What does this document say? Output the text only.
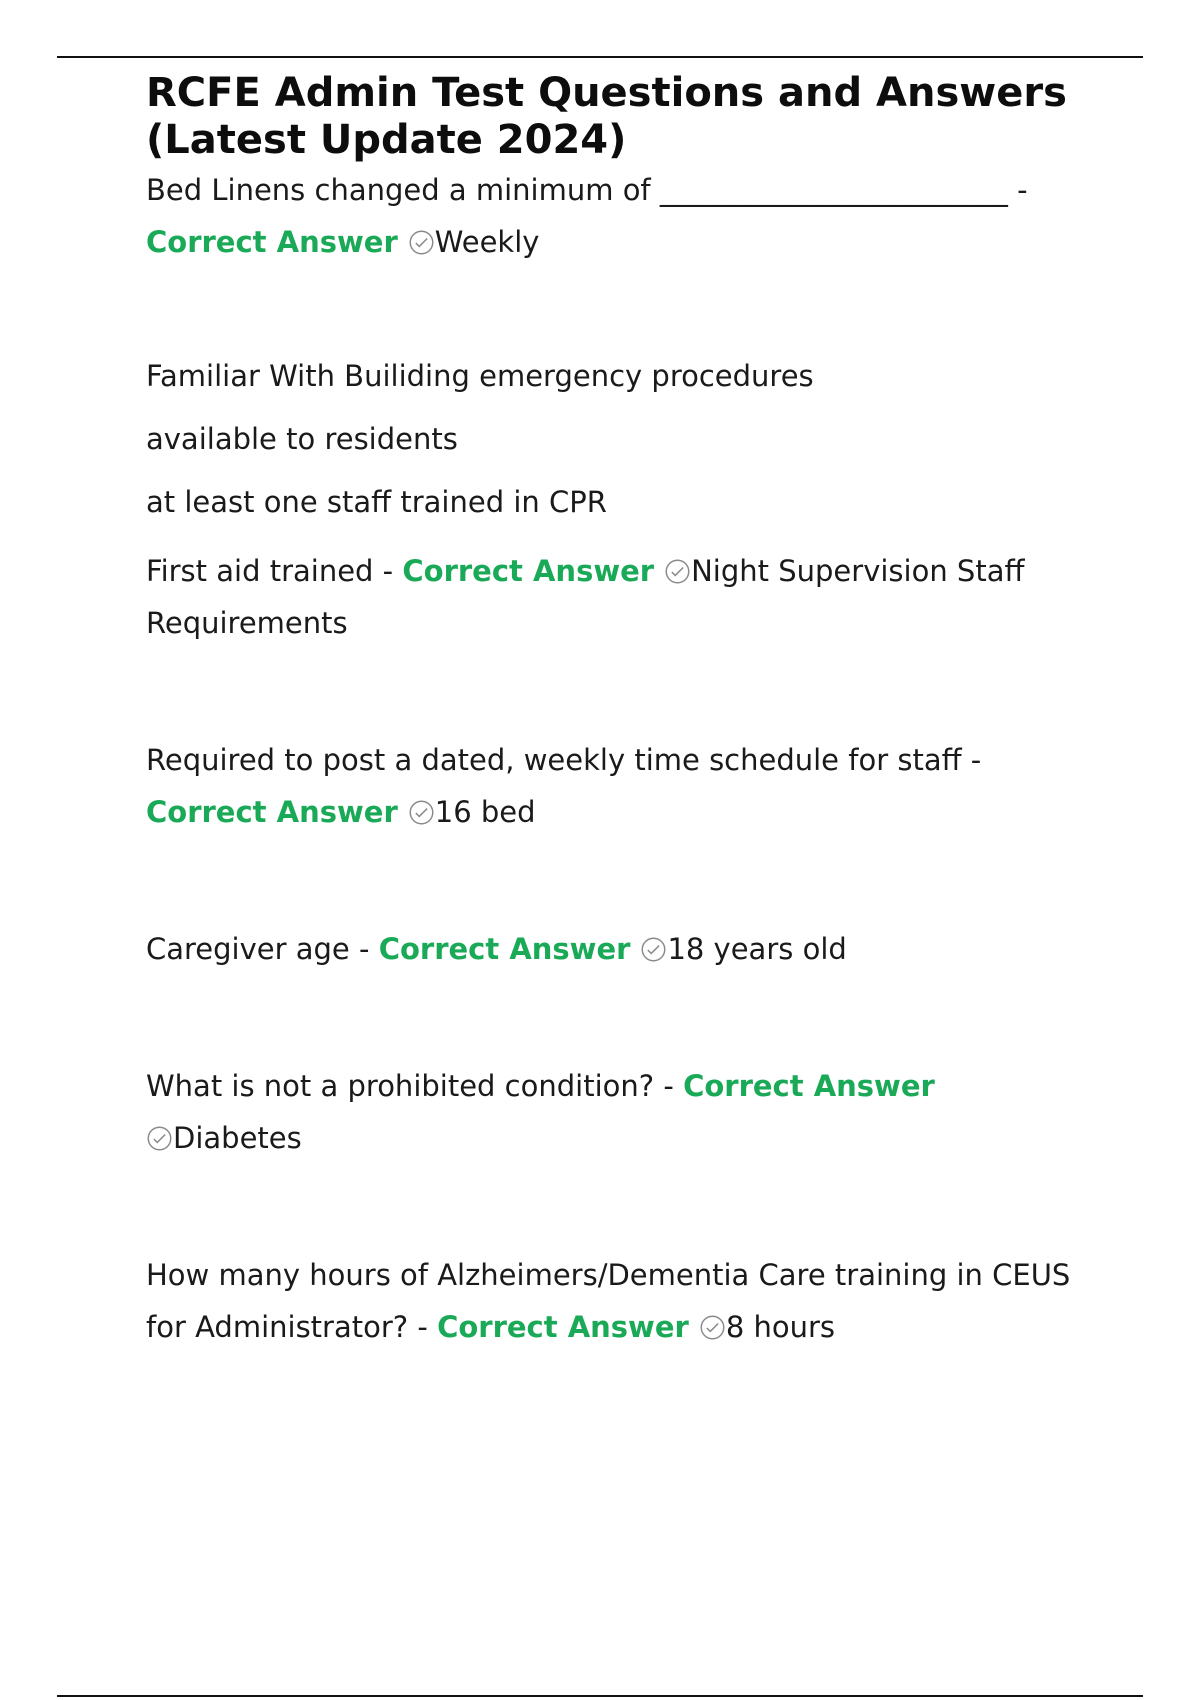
RCFE Admin Test Questions and Answers (Latest Update 2024)

Bed Linens changed a minimum of ________________________ - Correct Answer Weekly

Familiar With Builiding emergency procedures

available to residents

at least one staff trained in CPR

First aid trained - Correct Answer Night Supervision Staff Requirements

Required to post a dated, weekly time schedule for staff - Correct Answer 16 bed

Caregiver age - Correct Answer 18 years old

What is not a prohibited condition? - Correct Answer

Diabetes

How many hours of Alzheimers/Dementia Care training in CEUS for Administrator? - Correct Answer 8 hours
